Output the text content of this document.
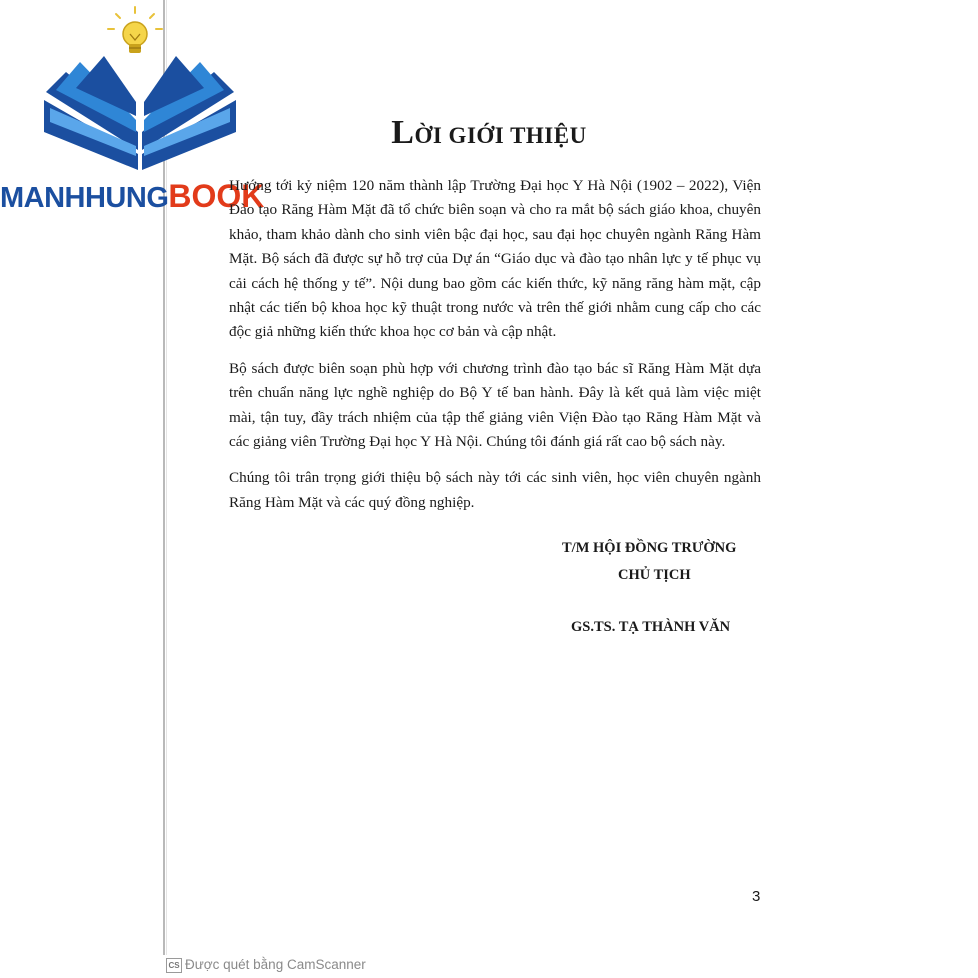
MANHHUNGBOOK
LỜI GIỚI THIỆU

Hướng tới kỷ niệm 120 năm thành lập Trường Đại học Y Hà Nội (1902 – 2022), Viện Đào tạo Răng Hàm Mặt đã tổ chức biên soạn và cho ra mắt bộ sách giáo khoa, chuyên khảo, tham khảo dành cho sinh viên bậc đại học, sau đại học chuyên ngành Răng Hàm Mặt. Bộ sách đã được sự hỗ trợ của Dự án “Giáo dục và đào tạo nhân lực y tế phục vụ cải cách hệ thống y tế”. Nội dung bao gồm các kiến thức, kỹ năng răng hàm mặt, cập nhật các tiến bộ khoa học kỹ thuật trong nước và trên thế giới nhằm cung cấp cho các độc giả những kiến thức khoa học cơ bản và cập nhật.

Bộ sách được biên soạn phù hợp với chương trình đào tạo bác sĩ Răng Hàm Mặt dựa trên chuẩn năng lực nghề nghiệp do Bộ Y tế ban hành. Đây là kết quả làm việc miệt mài, tận tuy, đầy trách nhiệm của tập thể giảng viên Viện Đào tạo Răng Hàm Mặt và các giảng viên Trường Đại học Y Hà Nội. Chúng tôi đánh giá rất cao bộ sách này.

Chúng tôi trân trọng giới thiệu bộ sách này tới các sinh viên, học viên chuyên ngành Răng Hàm Mặt và các quý đồng nghiệp.

T/M HỘI ĐỒNG TRƯỜNG
CHỦ TỊCH
GS.TS. TẠ THÀNH VĂN
3
CS Được quét bằng CamScanner
